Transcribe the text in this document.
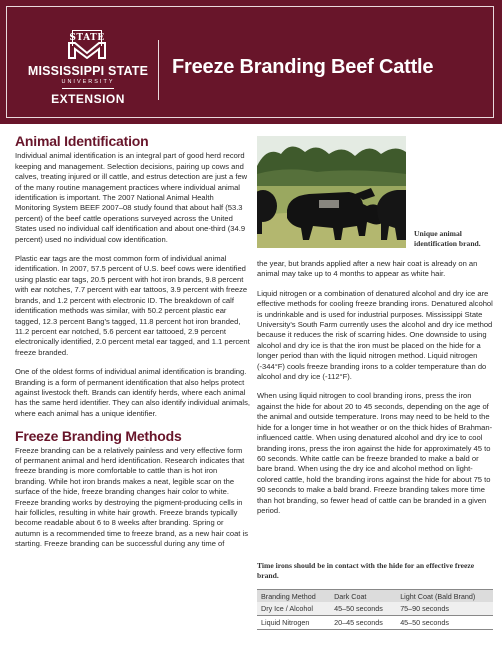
STATE
MISSISSIPPI STATE
UNIVERSITY
EXTENSION
Freeze Branding Beef Cattle
Animal Identification

Individual animal identification is an integral part of good herd record keeping and management. Selection decisions, pairing up cows and calves, treating injured or ill cattle, and estrus detection are just a few of the many routine management practices where individual animal identification is important. The 2007 National Animal Health Monitoring System BEEF 2007–08 study found that about half (53.3 percent) of the beef cattle operations surveyed across the United States used no individual calf identification and about one-third (34.9 percent) used no individual cow identification.

Plastic ear tags are the most common form of individual animal identification. In 2007, 57.5 percent of U.S. beef cows were identified using plastic ear tags, 20.5 percent with hot iron brands, 9.8 percent with ear notches, 7.7 percent with ear tattoos, 3.9 percent with freeze brands, and 1.2 percent with electronic ID. The breakdown of calf identification methods was similar, with 50.2 percent plastic ear tagged, 12.3 percent Bang's tagged, 11.8 percent hot iron branded, 11.2 percent ear notched, 5.6 percent ear tattooed, 2.9 percent electronically identified, 2.0 percent metal ear tagged, and 1.1 percent freeze branded.

One of the oldest forms of individual animal identification is branding. Branding is a form of permanent identification that also helps protect against livestock theft. Brands can identify herds, where each animal has the same herd identifier. They can also identify individual animals, where each animal has a unique identifier.

Freeze Branding Methods

Freeze branding can be a relatively painless and very effective form of permanent animal and herd identification. Research indicates that freeze branding is more comfortable to cattle than is hot iron branding. While hot iron brands makes a neat, legible scar on the surface of the hide, freeze branding changes hair color to white. Freeze branding works by destroying the pigment-producing cells in hair follicles, resulting in white hair growth. Freeze brands typically become readable about 6 to 8 weeks after branding. Spring or autumn is a recommended time to freeze brand, as a new hair coat is starting. Freeze branding can be successful during any time of

Unique animal identification brand.

the year, but brands applied after a new hair coat is already on an animal may take up to 4 months to appear as white hair.

Liquid nitrogen or a combination of denatured alcohol and dry ice are effective methods for cooling freeze branding irons. Denatured alcohol is undrinkable and is used for industrial purposes. Mississippi State University's South Farm currently uses the alcohol and dry ice method because it reduces the risk of scarring hides. One downside to using alcohol and dry ice is that the iron must be placed on the hide for a longer period than with the liquid nitrogen method. Liquid nitrogen (-344°F) cools freeze branding irons to a colder temperature than do alcohol and dry ice (-112°F).

When using liquid nitrogen to cool branding irons, press the iron against the hide for about 20 to 45 seconds, depending on the age of the animal and outside temperature. Irons may need to be held to the hide for a longer time in hot weather or on the thick hides of Brahman-influenced cattle. When using denatured alcohol and dry ice to cool branding irons, press the iron against the hide for approximately 45 to 60 seconds. White cattle can be freeze branded to make a bald or bare brand. When using the dry ice and alcohol method on light-colored cattle, hold the branding irons against the hide for about 75 to 90 seconds to make a bald brand. Freeze branding takes more time than hot branding, so fewer head of cattle can be branded in a given period.

Time irons should be in contact with the hide for an effective freeze brand.
Branding Method	Dark Coat	Light Coat (Bald Brand)
Dry Ice / Alcohol	45–50 seconds	75–90 seconds
Liquid Nitrogen	20–45 seconds	45–50 seconds
